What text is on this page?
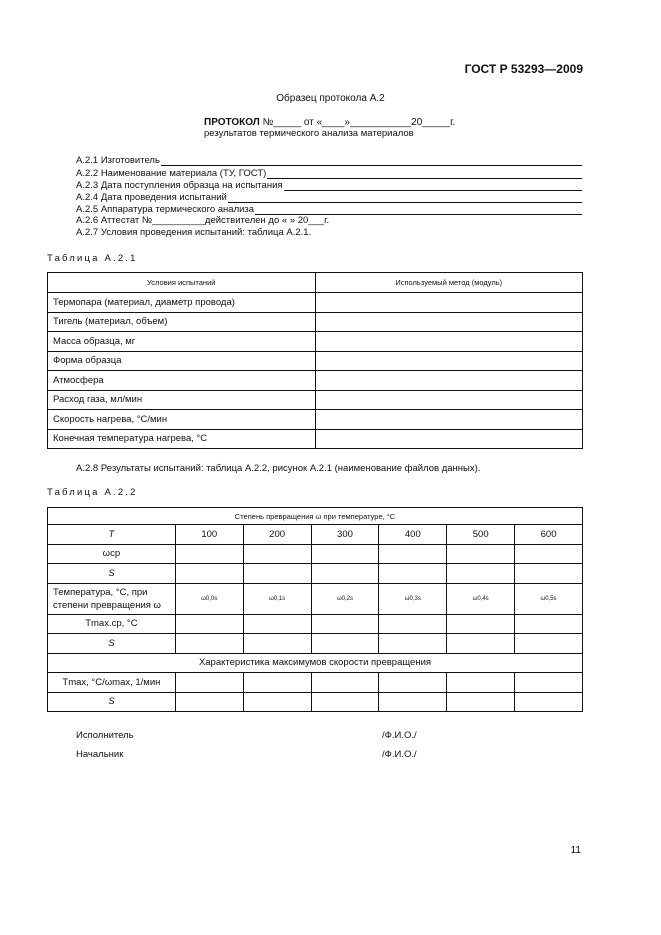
ГОСТ Р 53293—2009
Образец протокола А.2
ПРОТОКОЛ №_____ от «____»___________20_____г.
результатов термического анализа материалов
А.2.1 Изготовитель
А.2.2 Наименование материала (ТУ, ГОСТ)
А.2.3 Дата поступления образца на испытания
А.2.4 Дата проведения испытаний
А.2.5 Аппаратура термического анализа
А.2.6 Аттестат №__________действителен до « » 20___г.
А.2.7 Условия проведения испытаний: таблица А.2.1.
Таблица А.2.1
Условия испытаний	Используемый метод (модуль)
Термопара (материал, диаметр провода)	
Тигель (материал, объем)	
Масса образца, мг	
Форма образца	
Атмосфера	
Расход газа, мл/мин	
Скорость нагрева, °С/мин	
Конечная температура нагрева, °С	
А.2.8 Результаты испытаний: таблица А.2.2, рисунок А.2.1 (наименование файлов данных).
Таблица А.2.2
Степень превращения ω при температуре, °С						
T	100	200	300	400	500	600
ωср						
S						
Температура, °С, при степени превращения ω	ω0,0s	ω0,1s	ω0,2s	ω0,3s	ω0,4s	ω0,5s
Tmax.ср, °С						
S						
Характеристика максимумов скорости превращения						
Tmax, °С/ωmax, 1/мин						
S						
Исполнитель	/Ф.И.О./
Начальник	/Ф.И.О./
11
